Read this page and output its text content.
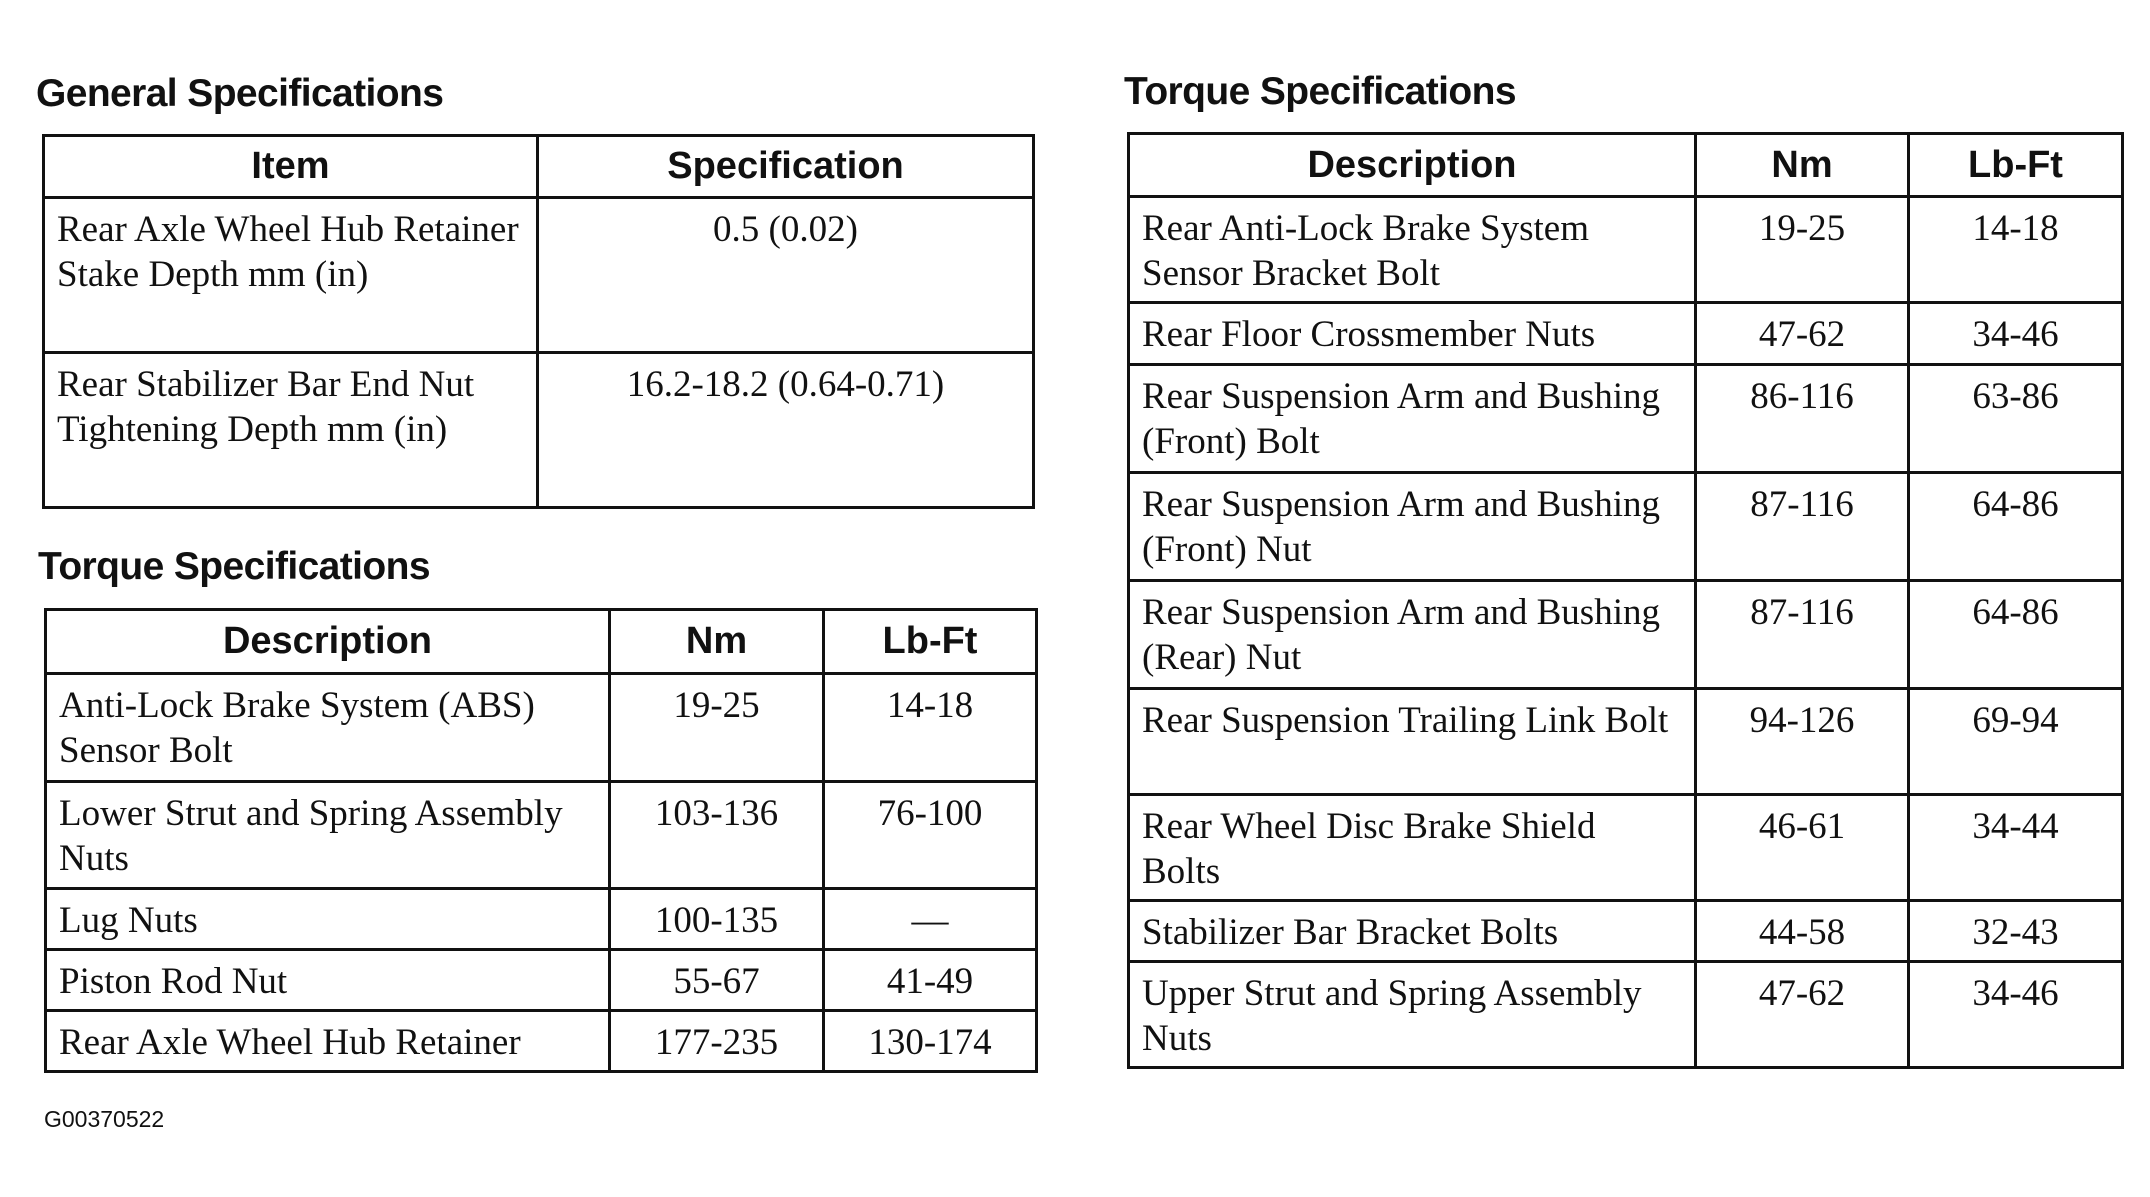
General Specifications
Item	Specification
Rear Axle Wheel Hub Retainer Stake Depth mm (in)	0.5 (0.02)
Rear Stabilizer Bar End Nut Tightening Depth mm (in)	16.2-18.2 (0.64-0.71)
Torque Specifications
Description	Nm	Lb-Ft
Anti-Lock Brake System (ABS) Sensor Bolt	19-25	14-18
Lower Strut and Spring Assembly Nuts	103-136	76-100
Lug Nuts	100-135	—
Piston Rod Nut	55-67	41-49
Rear Axle Wheel Hub Retainer	177-235	130-174
Torque Specifications
Description	Nm	Lb-Ft
Rear Anti-Lock Brake System Sensor Bracket Bolt	19-25	14-18
Rear Floor Crossmember Nuts	47-62	34-46
Rear Suspension Arm and Bushing (Front) Bolt	86-116	63-86
Rear Suspension Arm and Bushing (Front) Nut	87-116	64-86
Rear Suspension Arm and Bushing (Rear) Nut	87-116	64-86
Rear Suspension Trailing Link Bolt	94-126	69-94
Rear Wheel Disc Brake Shield Bolts	46-61	34-44
Stabilizer Bar Bracket Bolts	44-58	32-43
Upper Strut and Spring Assembly Nuts	47-62	34-46
G00370522
